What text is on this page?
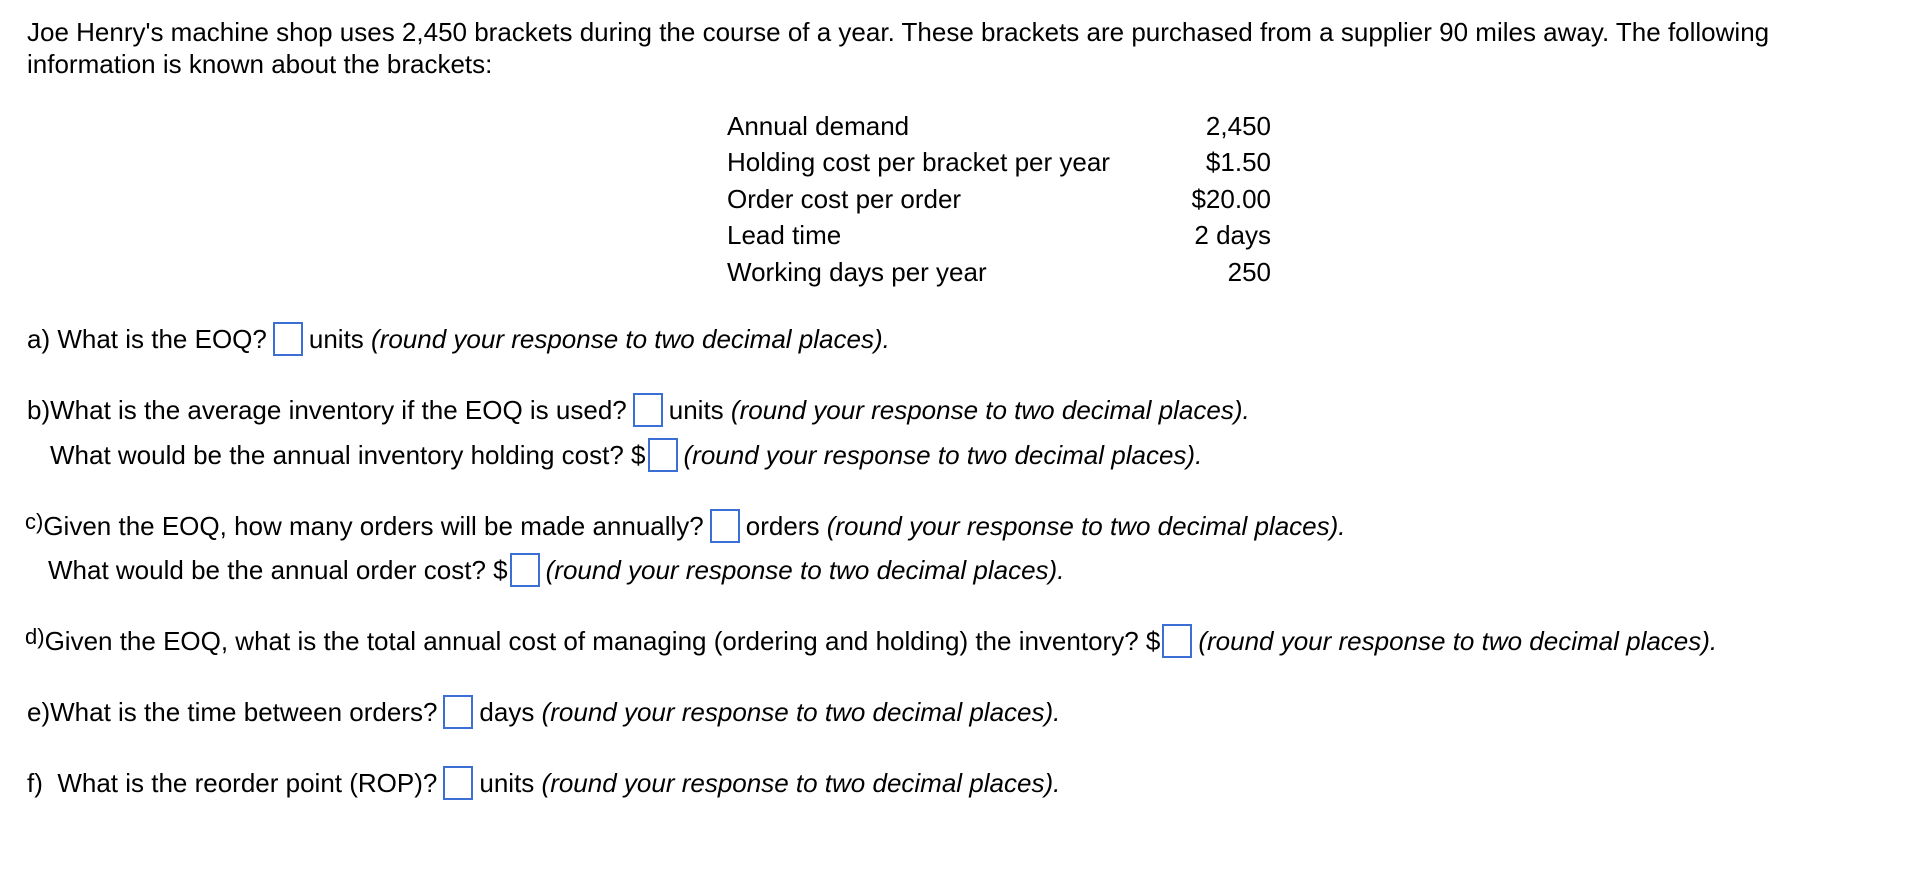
Joe Henry's machine shop uses 2,450 brackets during the course of a year. These brackets are purchased from a supplier 90 miles away. The following information is known about the brackets:
Annual demand	2,450
Holding cost per bracket per year	$1.50
Order cost per order	$20.00
Lead time	2 days
Working days per year	250
a) What is the EOQ? units (round your response to two decimal places).
b)What is the average inventory if the EOQ is used? units (round your response to two decimal places).
What would be the annual inventory holding cost? $ (round your response to two decimal places).
c) Given the EOQ, how many orders will be made annually? orders (round your response to two decimal places).
What would be the annual order cost? $ (round your response to two decimal places).
d) Given the EOQ, what is the total annual cost of managing (ordering and holding) the inventory? $ (round your response to two decimal places).
e)What is the time between orders? days (round your response to two decimal places).
f)  What is the reorder point (ROP)? units (round your response to two decimal places).
